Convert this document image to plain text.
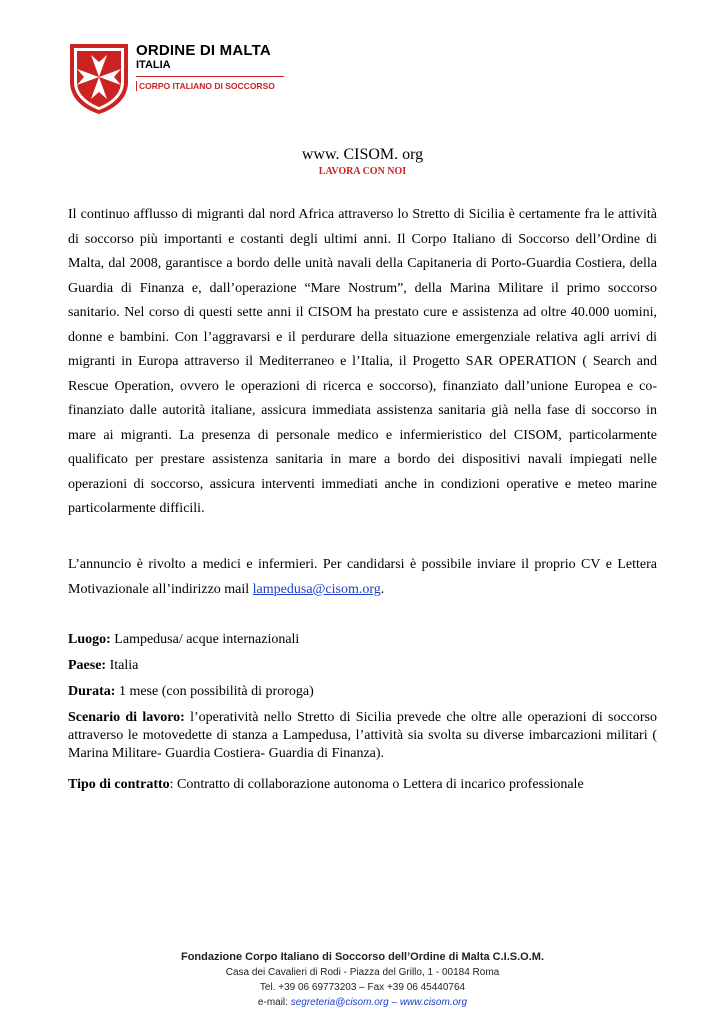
ORDINE DI MALTA
ITALIA
CORPO ITALIANO DI SOCCORSO
www. CISOM. org
LAVORA CON NOI
Il continuo afflusso di migranti dal nord Africa attraverso lo Stretto di Sicilia è certamente fra le attività di soccorso più importanti e costanti degli ultimi anni. Il Corpo Italiano di Soccorso dell’Ordine di Malta, dal 2008, garantisce a bordo delle unità navali della Capitaneria di Porto-Guardia Costiera, della Guardia di Finanza e, dall’operazione “Mare Nostrum”, della Marina Militare il primo soccorso sanitario. Nel corso di questi sette anni il CISOM ha prestato cure e assistenza ad oltre 40.000 uomini, donne e bambini. Con l’aggravarsi e il perdurare della situazione emergenziale relativa agli arrivi di migranti in Europa attraverso il Mediterraneo e l’Italia, il Progetto SAR OPERATION ( Search and Rescue Operation, ovvero le operazioni di ricerca e soccorso), finanziato dall’unione Europea e co-finanziato dalle autorità italiane, assicura immediata assistenza sanitaria già nella fase di soccorso in mare ai migranti. La presenza di personale medico e infermieristico del CISOM, particolarmente qualificato per prestare assistenza sanitaria in mare a bordo dei dispositivi navali impiegati nelle operazioni di soccorso, assicura interventi immediati anche in condizioni operative e meteo marine particolarmente difficili.
L’annuncio è rivolto a medici e infermieri. Per candidarsi è possibile inviare il proprio CV e Lettera Motivazionale all’indirizzo mail lampedusa@cisom.org.
Luogo: Lampedusa/ acque internazionali
Paese: Italia
Durata: 1 mese (con possibilità di proroga)
Scenario di lavoro: l’operatività nello Stretto di Sicilia prevede che oltre alle operazioni di soccorso attraverso le motovedette di stanza a Lampedusa, l’attività sia svolta su diverse imbarcazioni militari ( Marina Militare- Guardia Costiera- Guardia di Finanza).
Tipo di contratto: Contratto di collaborazione autonoma o Lettera di incarico professionale
Fondazione Corpo Italiano di Soccorso dell’Ordine di Malta C.I.S.O.M.
Casa dei Cavalieri di Rodi - Piazza del Grillo, 1 - 00184 Roma
Tel. +39 06 69773203 – Fax +39 06 45440764
e-mail: segreteria@cisom.org – www.cisom.org
